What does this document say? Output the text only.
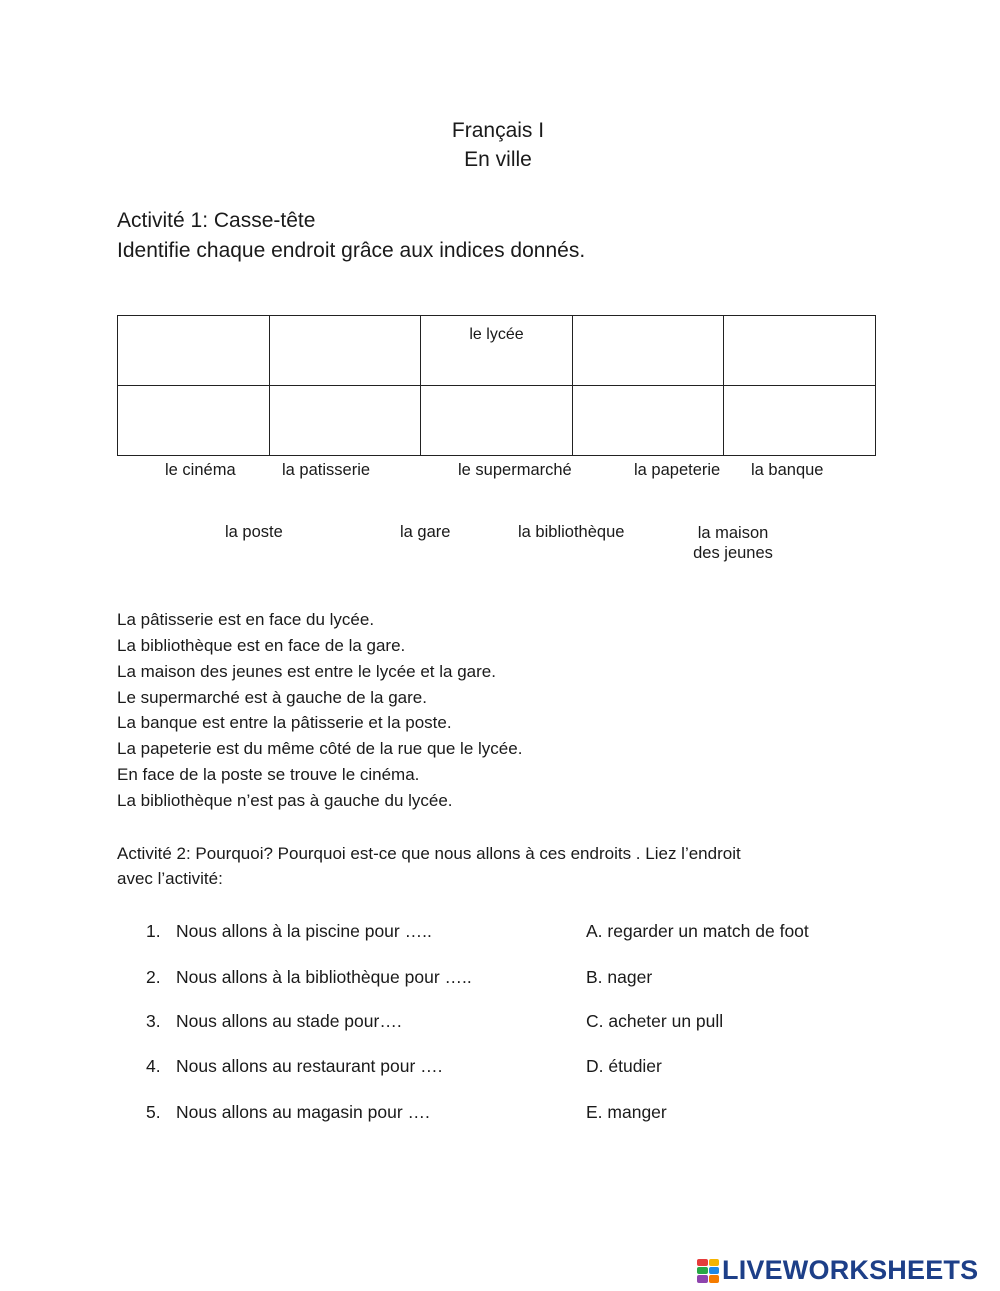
Français I
En ville
Activité 1: Casse-tête
Identifie chaque endroit grâce aux indices donnés.
		le lycée		

le cinéma	la patisserie	le supermarché	la papeterie la banque
la poste	la gare	la bibliothèque	la maison
des jeunes
La pâtisserie est en face du lycée.
La bibliothèque est en face de la gare.
La maison des jeunes est entre le lycée et la gare.
Le supermarché est à gauche de la gare.
La banque est entre la pâtisserie et la poste.
La papeterie est du même côté de la rue que le lycée.
En face de la poste se trouve le cinéma.
La bibliothèque n’est pas à gauche du lycée.
Activité 2: Pourquoi? Pourquoi est-ce que nous allons à ces endroits . Liez l’endroit
avec l’activité:
1. Nous allons à la piscine pour …..	A. regarder un match de foot
2. Nous allons à la bibliothèque pour …..	B. nager
3. Nous allons au stade pour….	C. acheter un pull
4. Nous allons au restaurant pour ….	D. étudier
5. Nous allons au magasin pour ….	E. manger
LIVEWORKSHEETS
